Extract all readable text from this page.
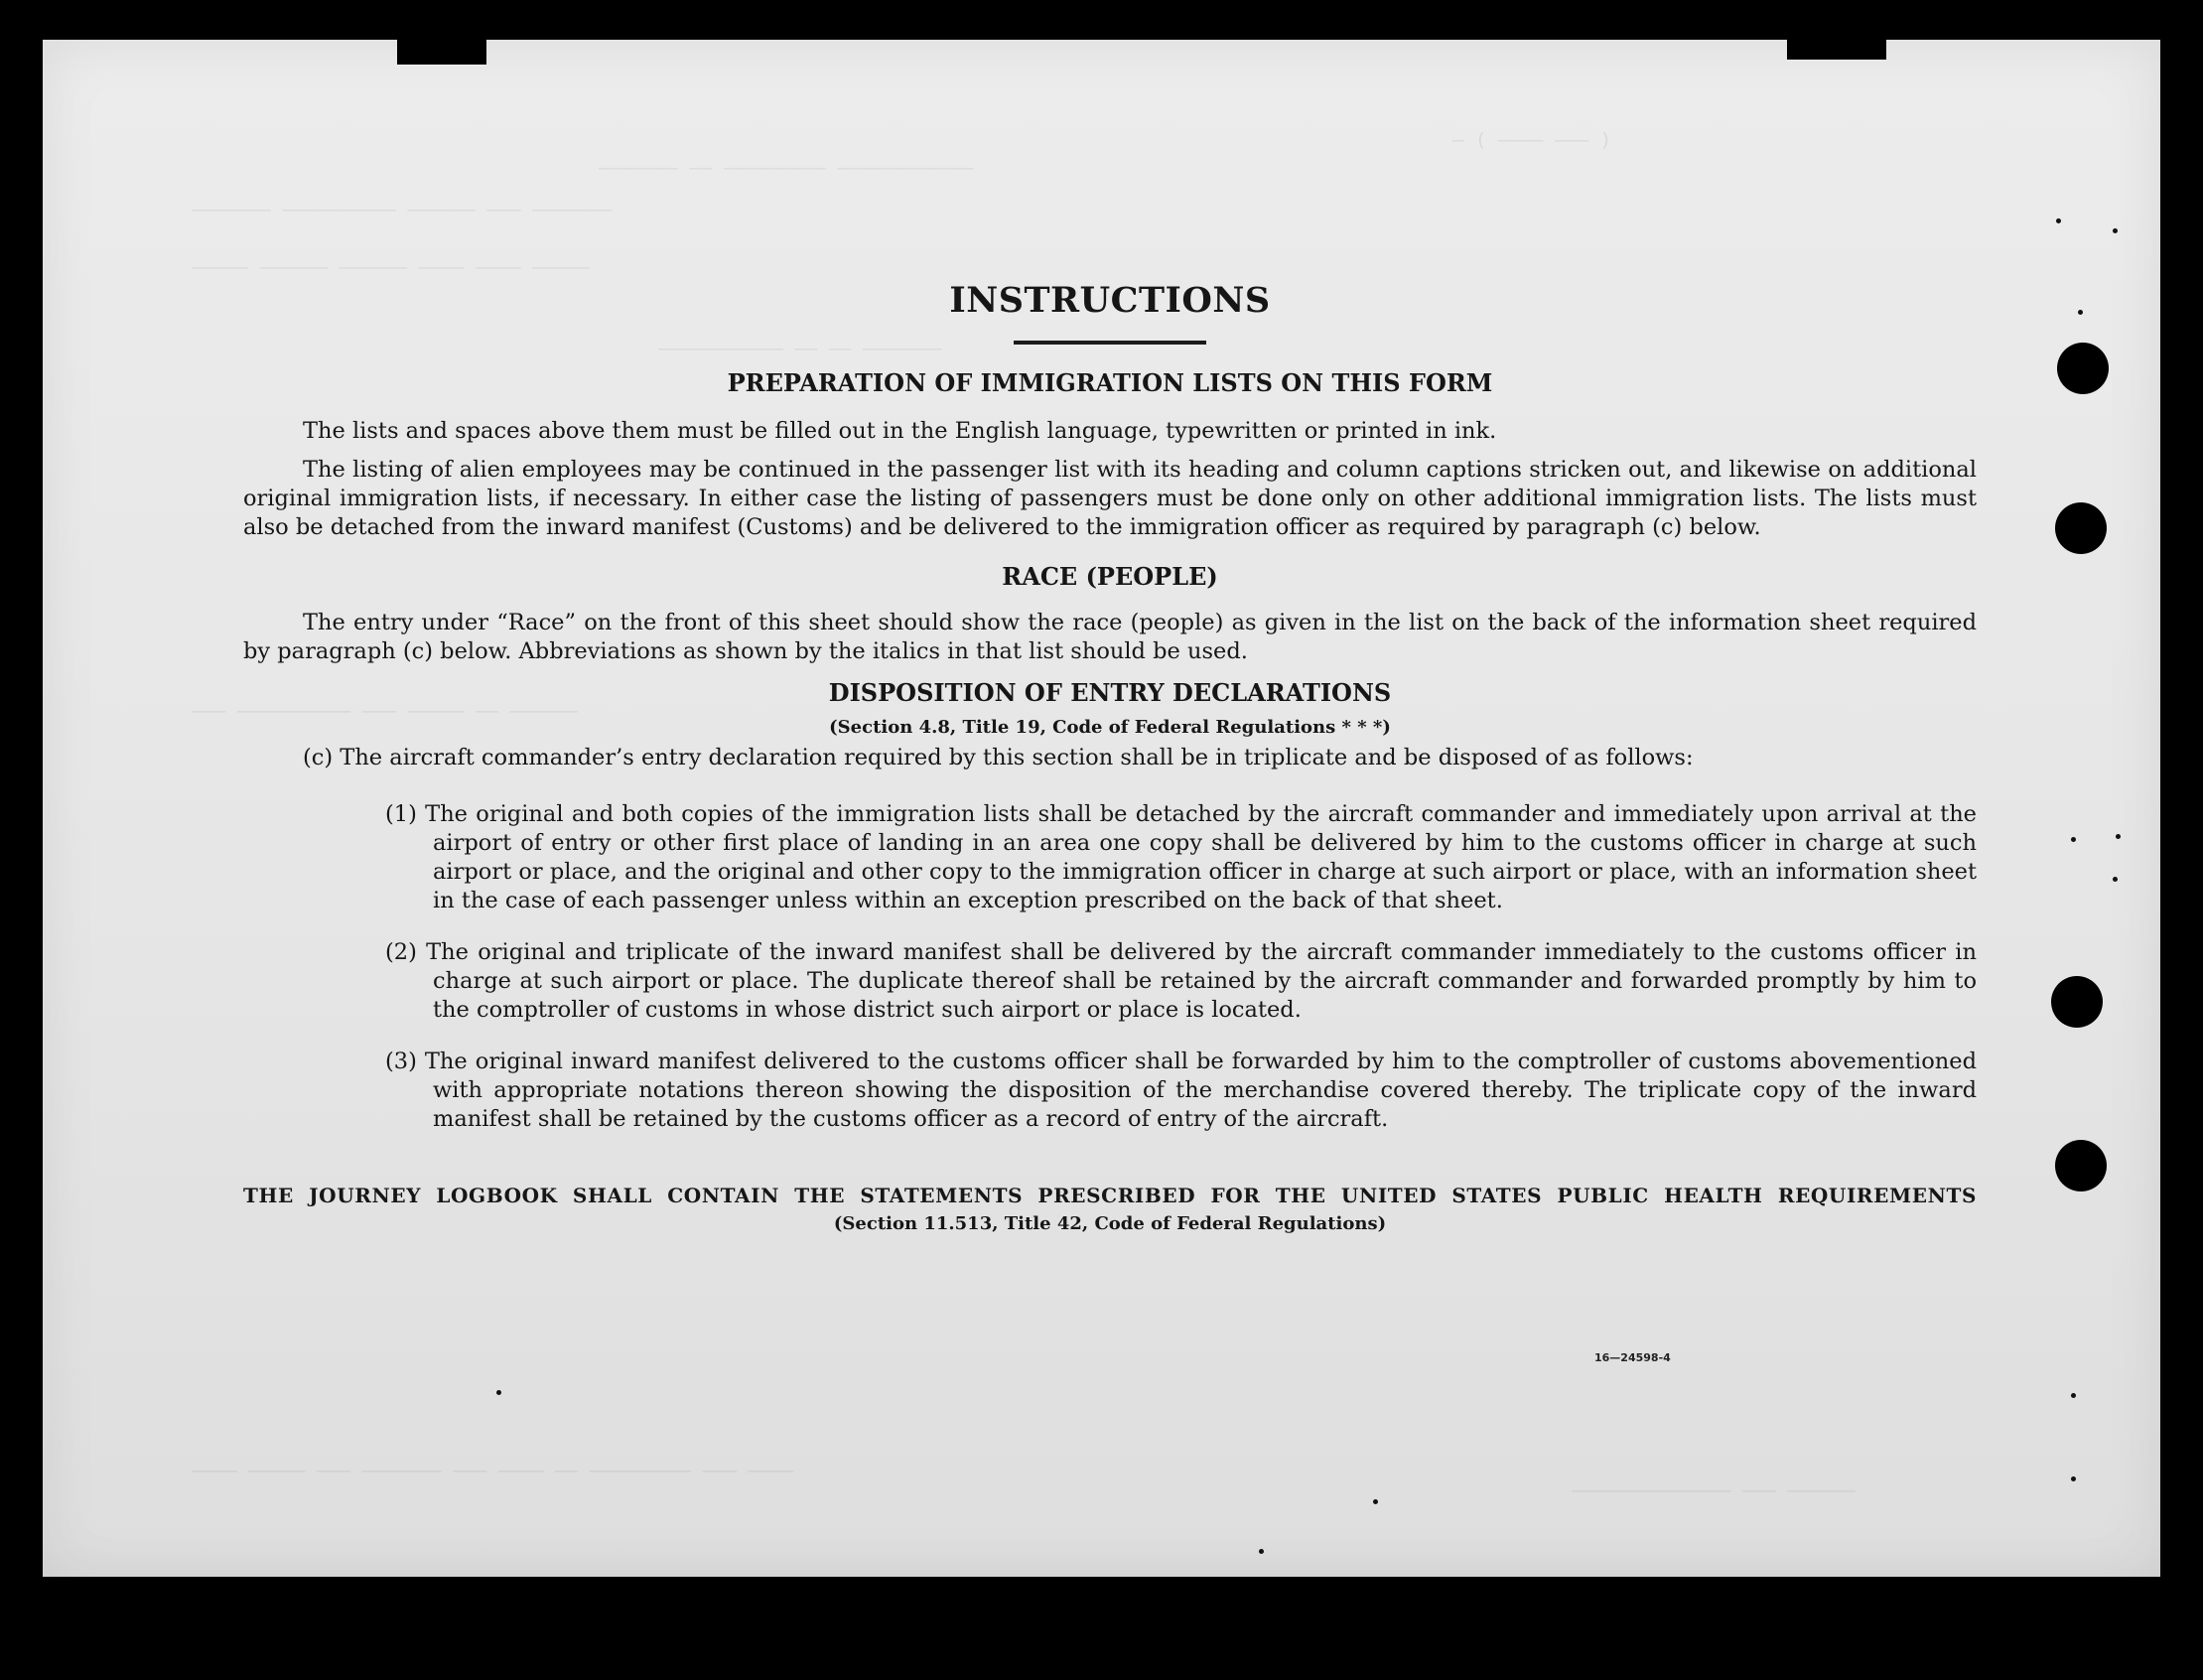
— ( ———— ——— )
——————— —— ————————— ————————————
——————— —————————— —————— ——— ———————
————— —————— —————— ———— ———— —————
——————————— —— —— ———————
——— —————————— ——— ————— —— ——————
———— ————— ——— ——————— ——— ———— —— ————————— ——— ————
—————————————— ——— ——————
INSTRUCTIONS
PREPARATION OF IMMIGRATION LISTS ON THIS FORM

The lists and spaces above them must be filled out in the English language, typewritten or printed in ink.

The listing of alien employees may be continued in the passenger list with its heading and column captions stricken out, and likewise on additional original immigration lists, if necessary. In either case the listing of passengers must be done only on other additional immigration lists. The lists must also be detached from the inward manifest (Customs) and be delivered to the immigration officer as required by paragraph (c) below.

RACE (PEOPLE)

The entry under “Race” on the front of this sheet should show the race (people) as given in the list on the back of the information sheet required by paragraph (c) below. Abbreviations as shown by the italics in that list should be used.

DISPOSITION OF ENTRY DECLARATIONS
(Section 4.8, Title 19, Code of Federal Regulations * * *)

(c) The aircraft commander’s entry declaration required by this section shall be in triplicate and be disposed of as follows:

(1) The original and both copies of the immigration lists shall be detached by the aircraft commander and immediately upon arrival at the airport of entry or other first place of landing in an area one copy shall be delivered by him to the customs officer in charge at such airport or place, and the original and other copy to the immigration officer in charge at such airport or place, with an information sheet in the case of each passenger unless within an exception prescribed on the back of that sheet.

(2) The original and triplicate of the inward manifest shall be delivered by the aircraft commander immediately to the customs officer in charge at such airport or place. The duplicate thereof shall be retained by the aircraft commander and forwarded promptly by him to the comptroller of customs in whose district such airport or place is located.

(3) The original inward manifest delivered to the customs officer shall be forwarded by him to the comptroller of customs abovementioned with appropriate notations thereon showing the disposition of the merchandise covered thereby. The triplicate copy of the inward manifest shall be retained by the customs officer as a record of entry of the aircraft.

THE JOURNEY LOGBOOK SHALL CONTAIN THE STATEMENTS PRESCRIBED FOR THE UNITED STATES PUBLIC HEALTH REQUIREMENTS
(Section 11.513, Title 42, Code of Federal Regulations)
16—24598-4
